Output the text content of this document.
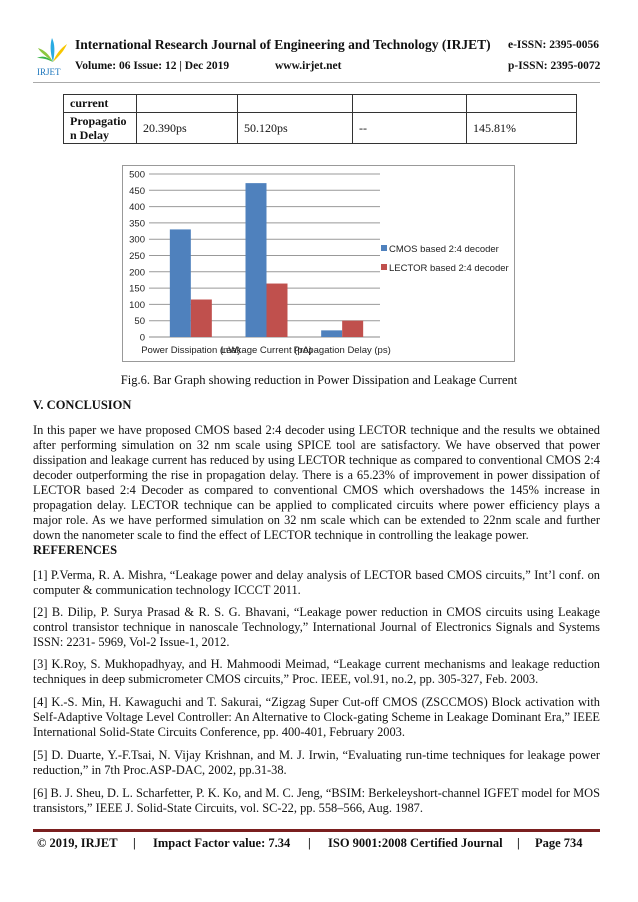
IRJET
International Research Journal of Engineering and Technology (IRJET) e-ISSN: 2395-0056
Volume: 06 Issue: 12 | Dec 2019	www.irjet.net	p-ISSN: 2395-0072
current				
Propagatio n Delay	20.390ps	50.120ps	--	145.81%
0
50
100
150
200
250
300
350
400
450
500
Power Dissipation (nW)
Leakage Current (pA)
Propagation Delay (ps)
CMOS based 2:4 decoder
LECTOR based 2:4 decoder
Fig.6. Bar Graph showing reduction in Power Dissipation and Leakage Current
V. CONCLUSION
In this paper we have proposed CMOS based 2:4 decoder using LECTOR technique and the results we obtained after performing simulation on 32 nm scale using SPICE tool are satisfactory. We have observed that power dissipation and leakage current has reduced by using LECTOR technique as compared to conventional CMOS 2:4 decoder outperforming the rise in propagation delay. There is a 65.23% of improvement in power dissipation of LECTOR based 2:4 Decoder as compared to conventional CMOS which overshadows the 145% increase in propagation delay. LECTOR technique can be applied to complicated circuits where power efficiency plays a major role. As we have performed simulation on 32 nm scale which can be extended to 22nm scale and further down the nanometer scale to find the effect of LECTOR technique in controlling the leakage power.
REFERENCES
[1] P.Verma, R. A. Mishra, “Leakage power and delay analysis of LECTOR based CMOS circuits,” Int’l conf. on computer & communication technology ICCCT 2011.
[2] B. Dilip, P. Surya Prasad & R. S. G. Bhavani, “Leakage power reduction in CMOS circuits using Leakage control transistor technique in nanoscale Technology,” International Journal of Electronics Signals and Systems ISSN: 2231- 5969, Vol-2 Issue-1, 2012.
[3] K.Roy, S. Mukhopadhyay, and H. Mahmoodi Meimad, “Leakage current mechanisms and leakage reduction techniques in deep submicrometer CMOS circuits,” Proc. IEEE, vol.91, no.2, pp. 305-327, Feb. 2003.
[4] K.-S. Min, H. Kawaguchi and T. Sakurai, “Zigzag Super Cut-off CMOS (ZSCCMOS) Block activation with Self-Adaptive Voltage Level Controller: An Alternative to Clock-gating Scheme in Leakage Dominant Era,” IEEE International Solid-State Circuits Conference, pp. 400-401, February 2003.
[5] D. Duarte, Y.-F.Tsai, N. Vijay Krishnan, and M. J. Irwin, “Evaluating run-time techniques for leakage power reduction,” in 7th Proc.ASP-DAC, 2002, pp.31-38.
[6] B. J. Sheu, D. L. Scharfetter, P. K. Ko, and M. C. Jeng, “BSIM: Berkeleyshort-channel IGFET model for MOS transistors,” IEEE J. Solid-State Circuits, vol. SC-22, pp. 558–566, Aug. 1987.
© 2019, IRJET | Impact Factor value: 7.34 | ISO 9001:2008 Certified Journal | Page 734
